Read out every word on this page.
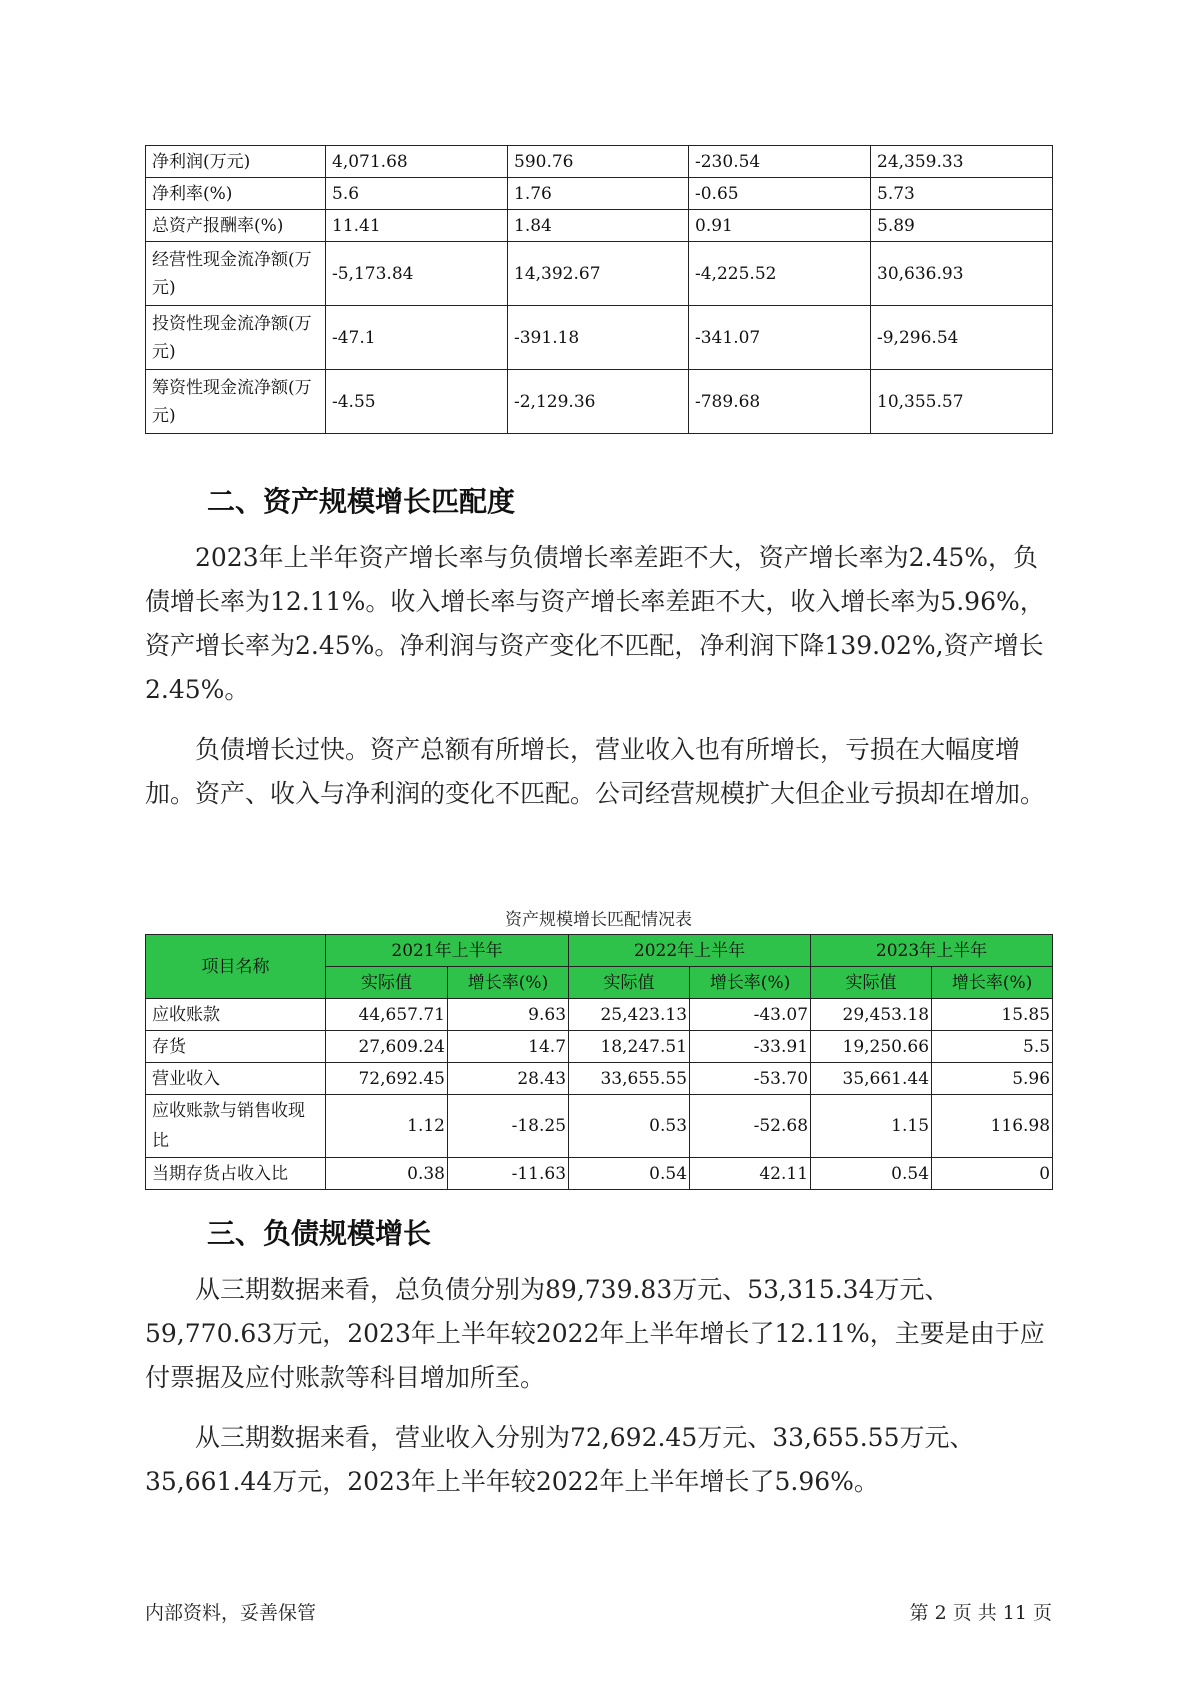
净利润(万元)	4,071.68	590.76	-230.54	24,359.33
净利率(%)	5.6	1.76	-0.65	5.73
总资产报酬率(%)	11.41	1.84	0.91	5.89
经营性现金流净额(万元)	-5,173.84	14,392.67	-4,225.52	30,636.93
投资性现金流净额(万元)	-47.1	-391.18	-341.07	-9,296.54
筹资性现金流净额(万元)	-4.55	-2,129.36	-789.68	10,355.57
二、资产规模增长匹配度

2023年上半年资产增长率与负债增长率差距不大，资产增长率为2.45%，负债增长率为12.11%。收入增长率与资产增长率差距不大，收入增长率为5.96%，资产增长率为2.45%。净利润与资产变化不匹配，净利润下降139.02%,资产增长2.45%。

负债增长过快。资产总额有所增长，营业收入也有所增长，亏损在大幅度增加。资产、收入与净利润的变化不匹配。公司经营规模扩大但企业亏损却在增加。

资产规模增长匹配情况表
项目名称	2021年上半年		2022年上半年		2023年上半年	
	实际值	增长率(%)	实际值	增长率(%)	实际值	增长率(%)
应收账款	44,657.71	9.63	25,423.13	-43.07	29,453.18	15.85
存货	27,609.24	14.7	18,247.51	-33.91	19,250.66	5.5
营业收入	72,692.45	28.43	33,655.55	-53.70	35,661.44	5.96
应收账款与销售收现比	1.12	-18.25	0.53	-52.68	1.15	116.98
当期存货占收入比	0.38	-11.63	0.54	42.11	0.54	0
三、负债规模增长

从三期数据来看，总负债分别为89,739.83万元、53,315.34万元、59,770.63万元，2023年上半年较2022年上半年增长了12.11%，主要是由于应付票据及应付账款等科目增加所至。

从三期数据来看，营业收入分别为72,692.45万元、33,655.55万元、35,661.44万元，2023年上半年较2022年上半年增长了5.96%。

内部资料，妥善保管	第 2 页 共 11 页
